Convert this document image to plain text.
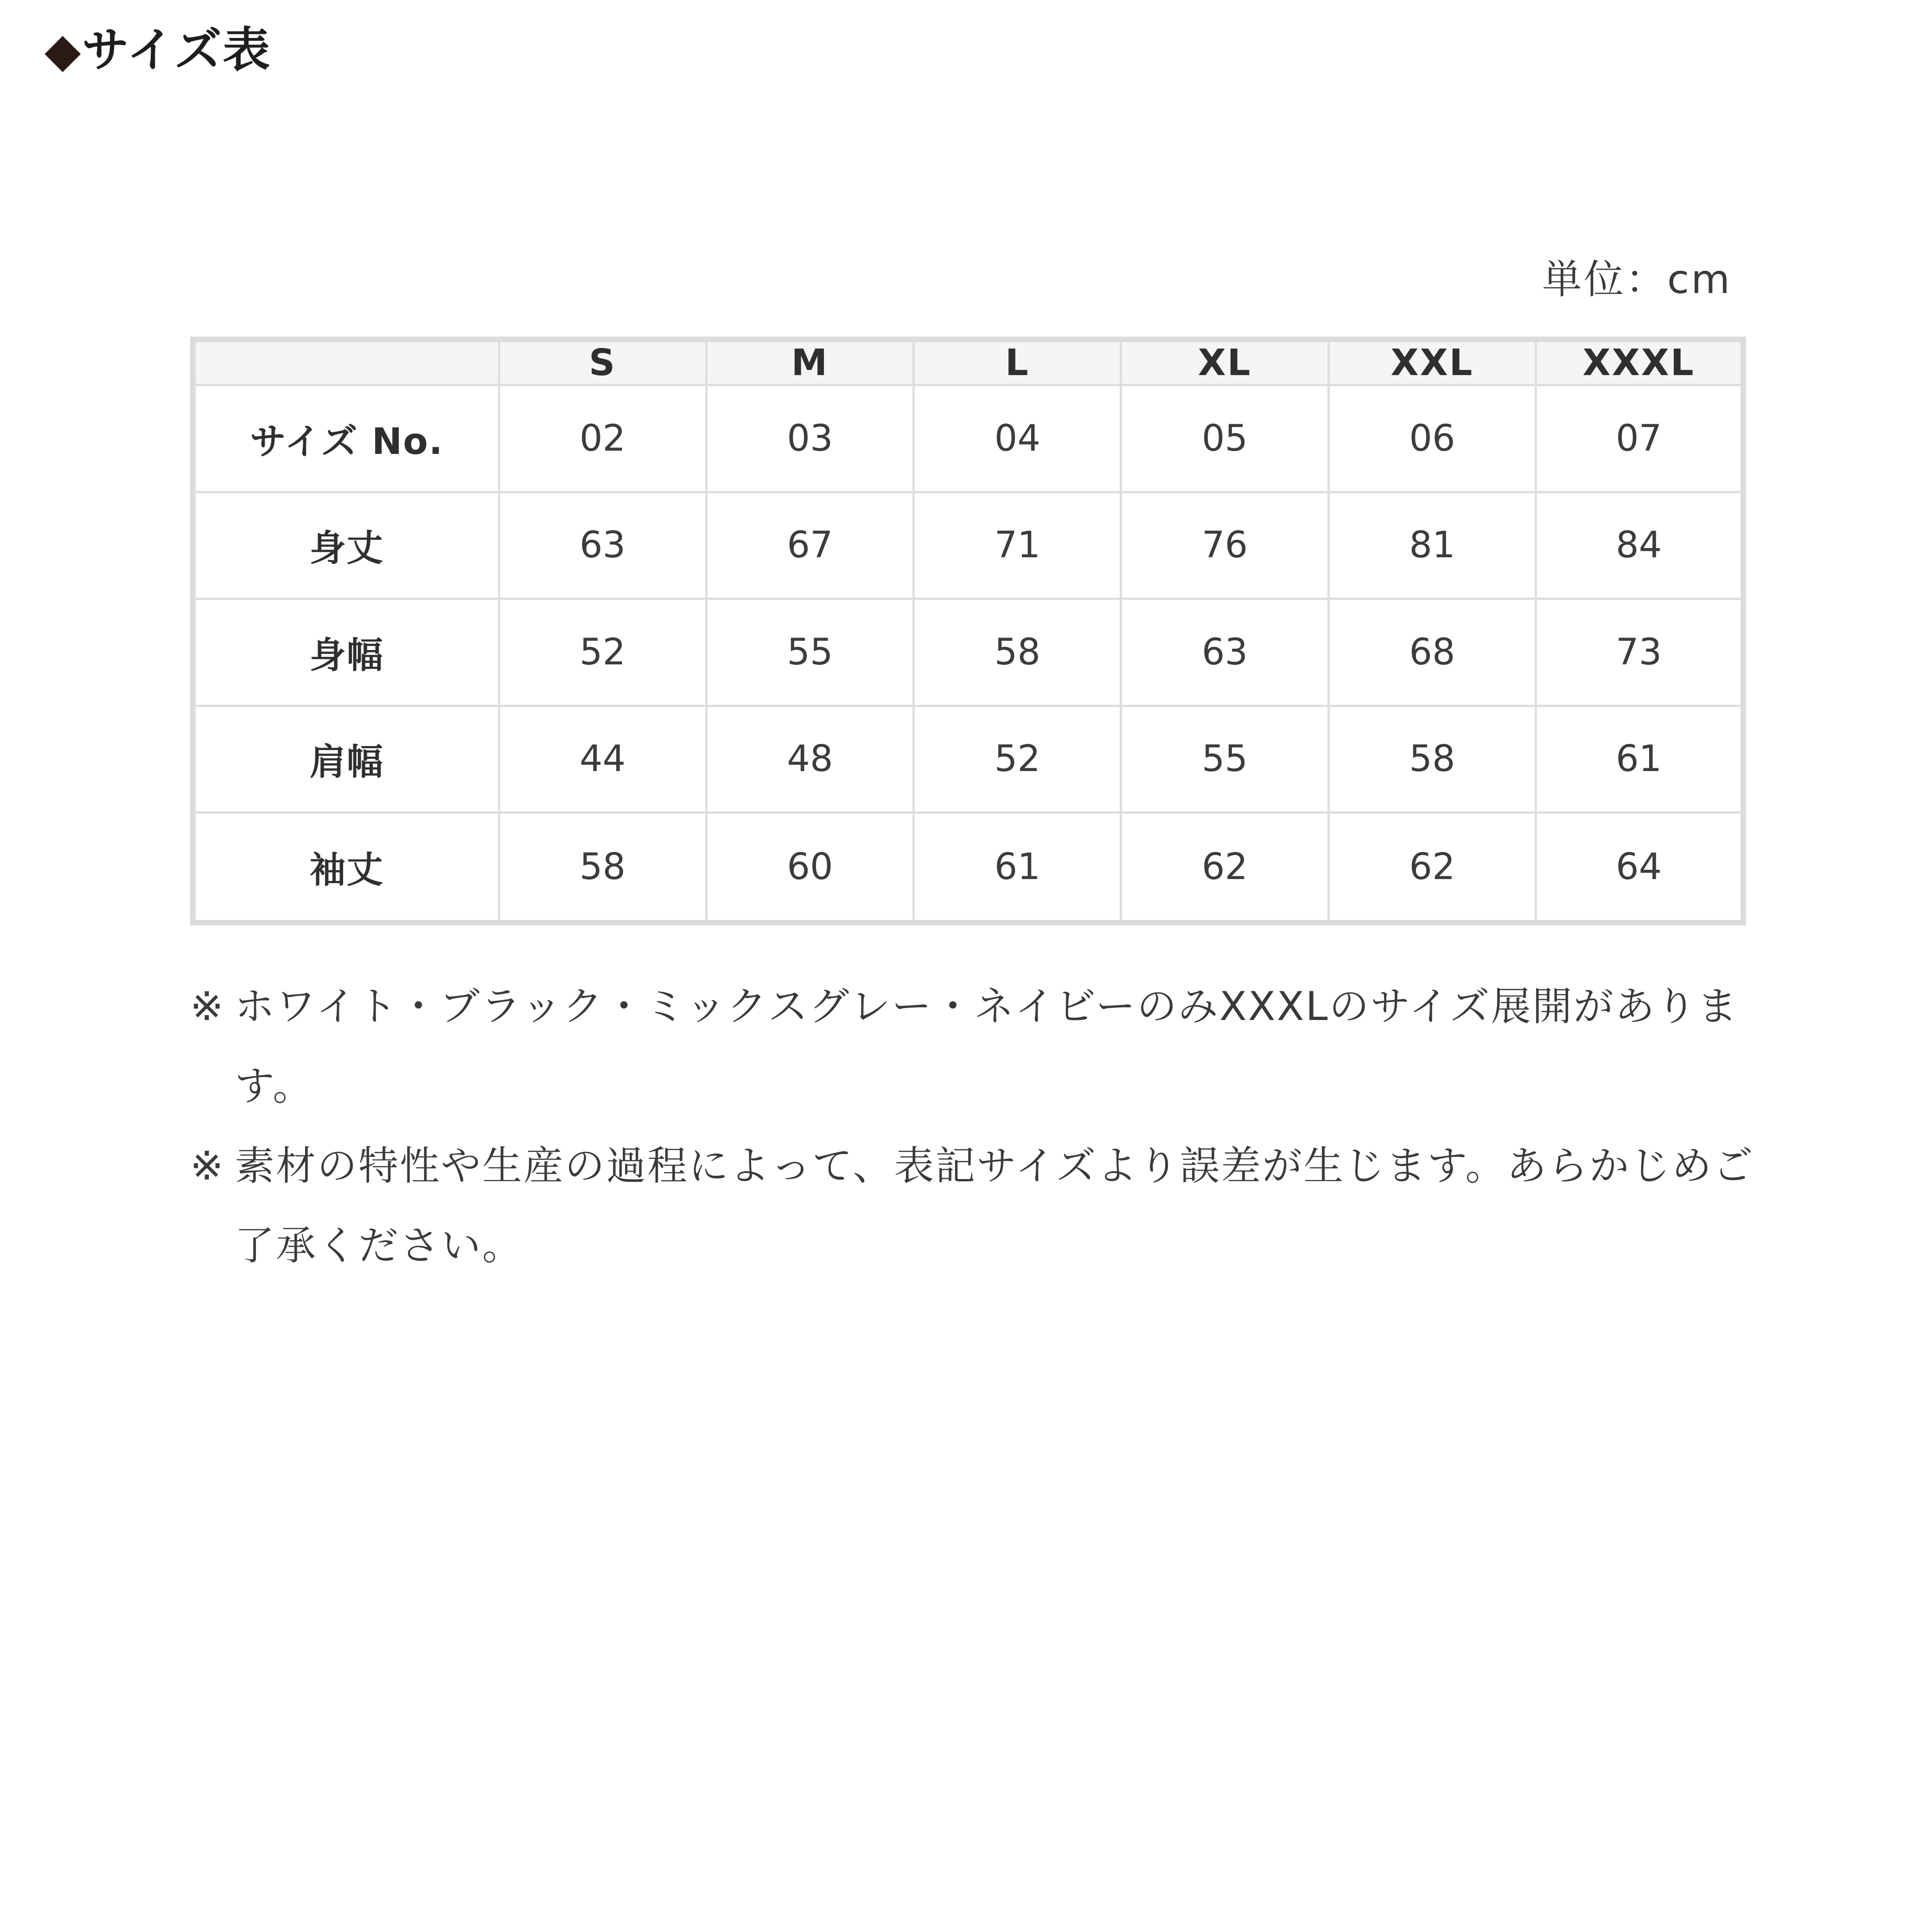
◆サイズ表
単位：cm
	S	M	L	XL	XXL	XXXL
サイズ No.	02	03	04	05	06	07
身丈	63	67	71	76	81	84
身幅	52	55	58	63	68	73
肩幅	44	48	52	55	58	61
袖丈	58	60	61	62	62	64
※ ホワイト・ブラック・ミックスグレー・ネイビーのみXXXLのサイズ展開があります。
※ 素材の特性や生産の過程によって、表記サイズより誤差が生じます。あらかじめご了承ください。
